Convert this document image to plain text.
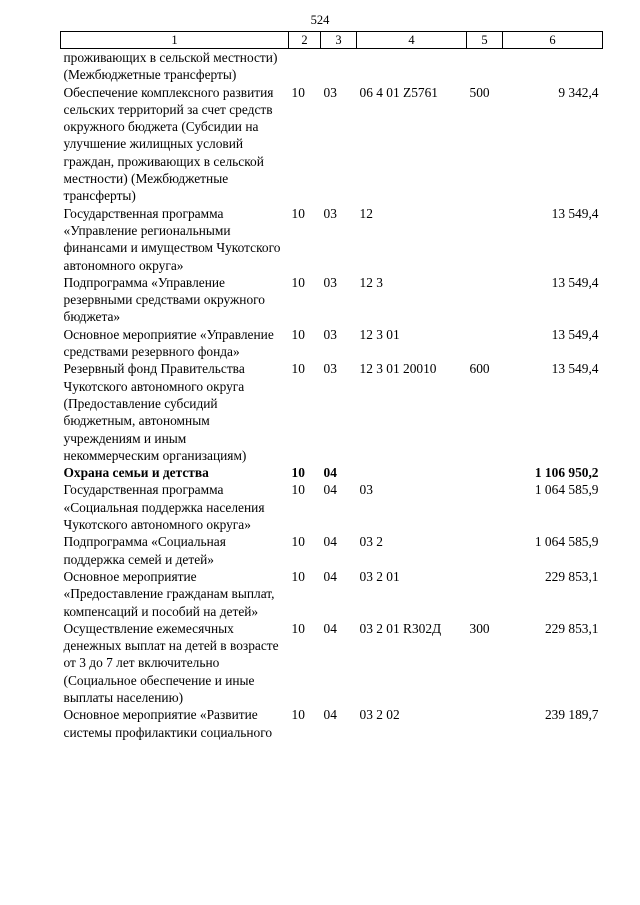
524
1	2	3	4	5	6
проживающих в сельской местности) (Межбюджетные трансферты)					
Обеспечение комплексного развития сельских территорий за счет средств окружного бюджета (Субсидии на улучшение жилищных условий граждан, проживающих в сельской местности) (Межбюджетные трансферты)	10	03	06 4 01 Z5761	500	9 342,4
Государственная программа «Управление региональными финансами и имуществом Чукотского автономного округа»	10	03	12		13 549,4
Подпрограмма «Управление резервными средствами окружного бюджета»	10	03	12 3		13 549,4
Основное мероприятие «Управление средствами резервного фонда»	10	03	12 3 01		13 549,4
Резервный фонд Правительства Чукотского автономного округа (Предоставление субсидий бюджетным, автономным учреждениям и иным некоммерческим организациям)	10	03	12 3 01 20010	600	13 549,4
Охрана семьи и детства	10	04			1 106 950,2
Государственная программа «Социальная поддержка населения Чукотского автономного округа»	10	04	03		1 064 585,9
Подпрограмма «Социальная поддержка семей и детей»	10	04	03 2		1 064 585,9
Основное мероприятие «Предоставление гражданам выплат, компенсаций и пособий на детей»	10	04	03 2 01		229 853,1
Осуществление ежемесячных денежных выплат на детей в возрасте от 3 до 7 лет включительно (Социальное обеспечение и иные выплаты населению)	10	04	03 2 01 R302Д	300	229 853,1
Основное мероприятие «Развитие системы профилактики социального	10	04	03 2 02		239 189,7
